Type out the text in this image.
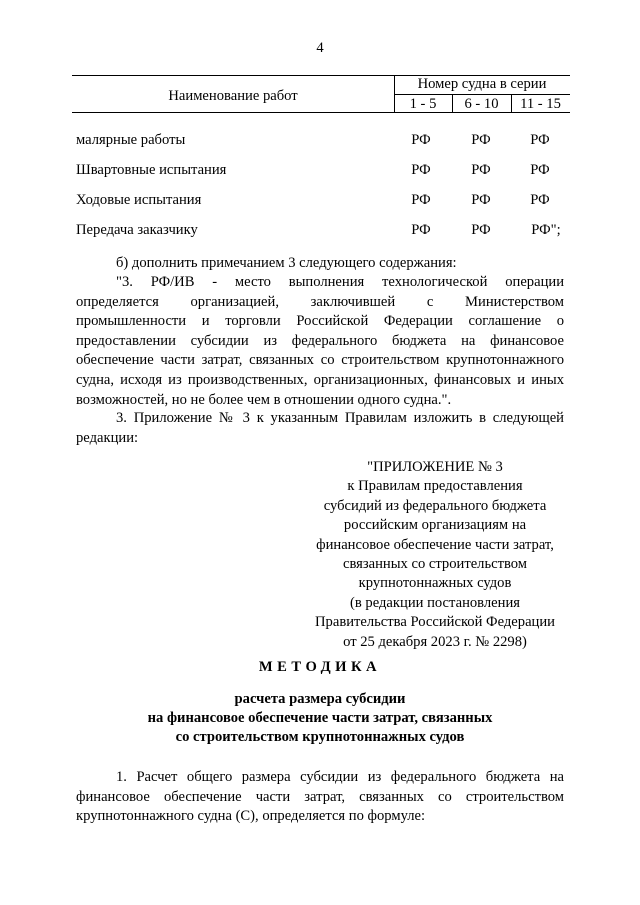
4
Наименование работ
Номер судна в серии
1 - 5	6 - 10	11 - 15
малярные работы	РФ	РФ	РФ
Швартовные испытания	РФ	РФ	РФ
Ходовые испытания	РФ	РФ	РФ
Передача заказчику	РФ	РФ	РФ";
б) дополнить примечанием 3 следующего содержания:
"3. РФ/ИВ - место выполнения технологической операции определяется организацией, заключившей с Министерством промышленности и торговли Российской Федерации соглашение о предоставлении субсидии из федерального бюджета на финансовое обеспечение части затрат, связанных со строительством крупнотоннажного судна, исходя из производственных, организационных, финансовых и иных возможностей, но не более чем в отношении одного судна.".
3. Приложение № 3 к указанным Правилам изложить в следующей редакции:
"ПРИЛОЖЕНИЕ № 3
к Правилам предоставления
субсидий из федерального бюджета
российским организациям на
финансовое обеспечение части затрат,
связанных со строительством
крупнотоннажных судов
(в редакции постановления
Правительства Российской Федерации
от 25 декабря 2023 г. № 2298)
МЕТОДИКА
расчета размера субсидии
на финансовое обеспечение части затрат, связанных
со строительством крупнотоннажных судов
1. Расчет общего размера субсидии из федерального бюджета на финансовое обеспечение части затрат, связанных со строительством крупнотоннажного судна (С), определяется по формуле:
